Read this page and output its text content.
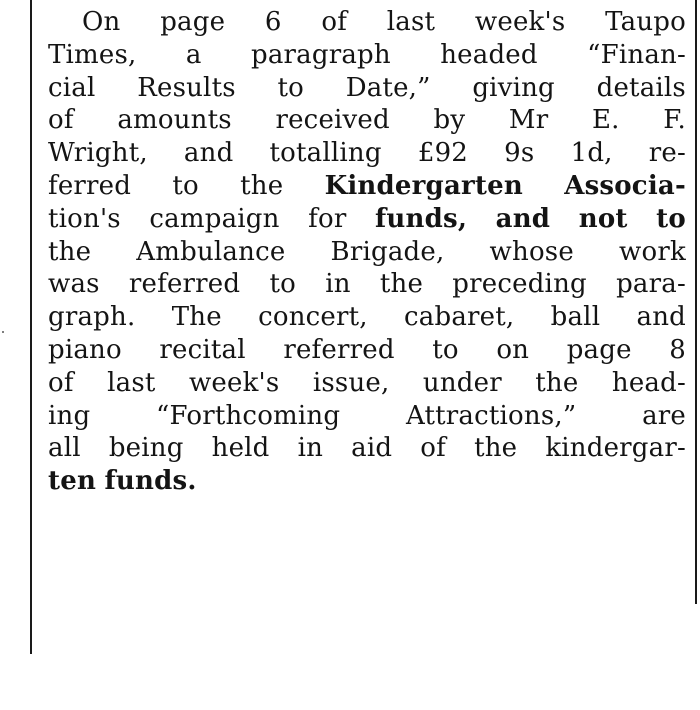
On page 6 of last week's Taupo
Times, a paragraph headed “Finan-
cial Results to Date,” giving details
of amounts received by Mr E. F.
Wright, and totalling £92 9s 1d, re-
ferred to the Kindergarten Associa-
tion's campaign for funds, and not to
the Ambulance Brigade, whose work
was referred to in the preceding para-
graph. The concert, cabaret, ball and
piano recital referred to on page 8
of last week's issue, under the head-
ing	“Forthcoming	Attractions,”	are
all being held in aid of the kindergar-
ten
funds.
